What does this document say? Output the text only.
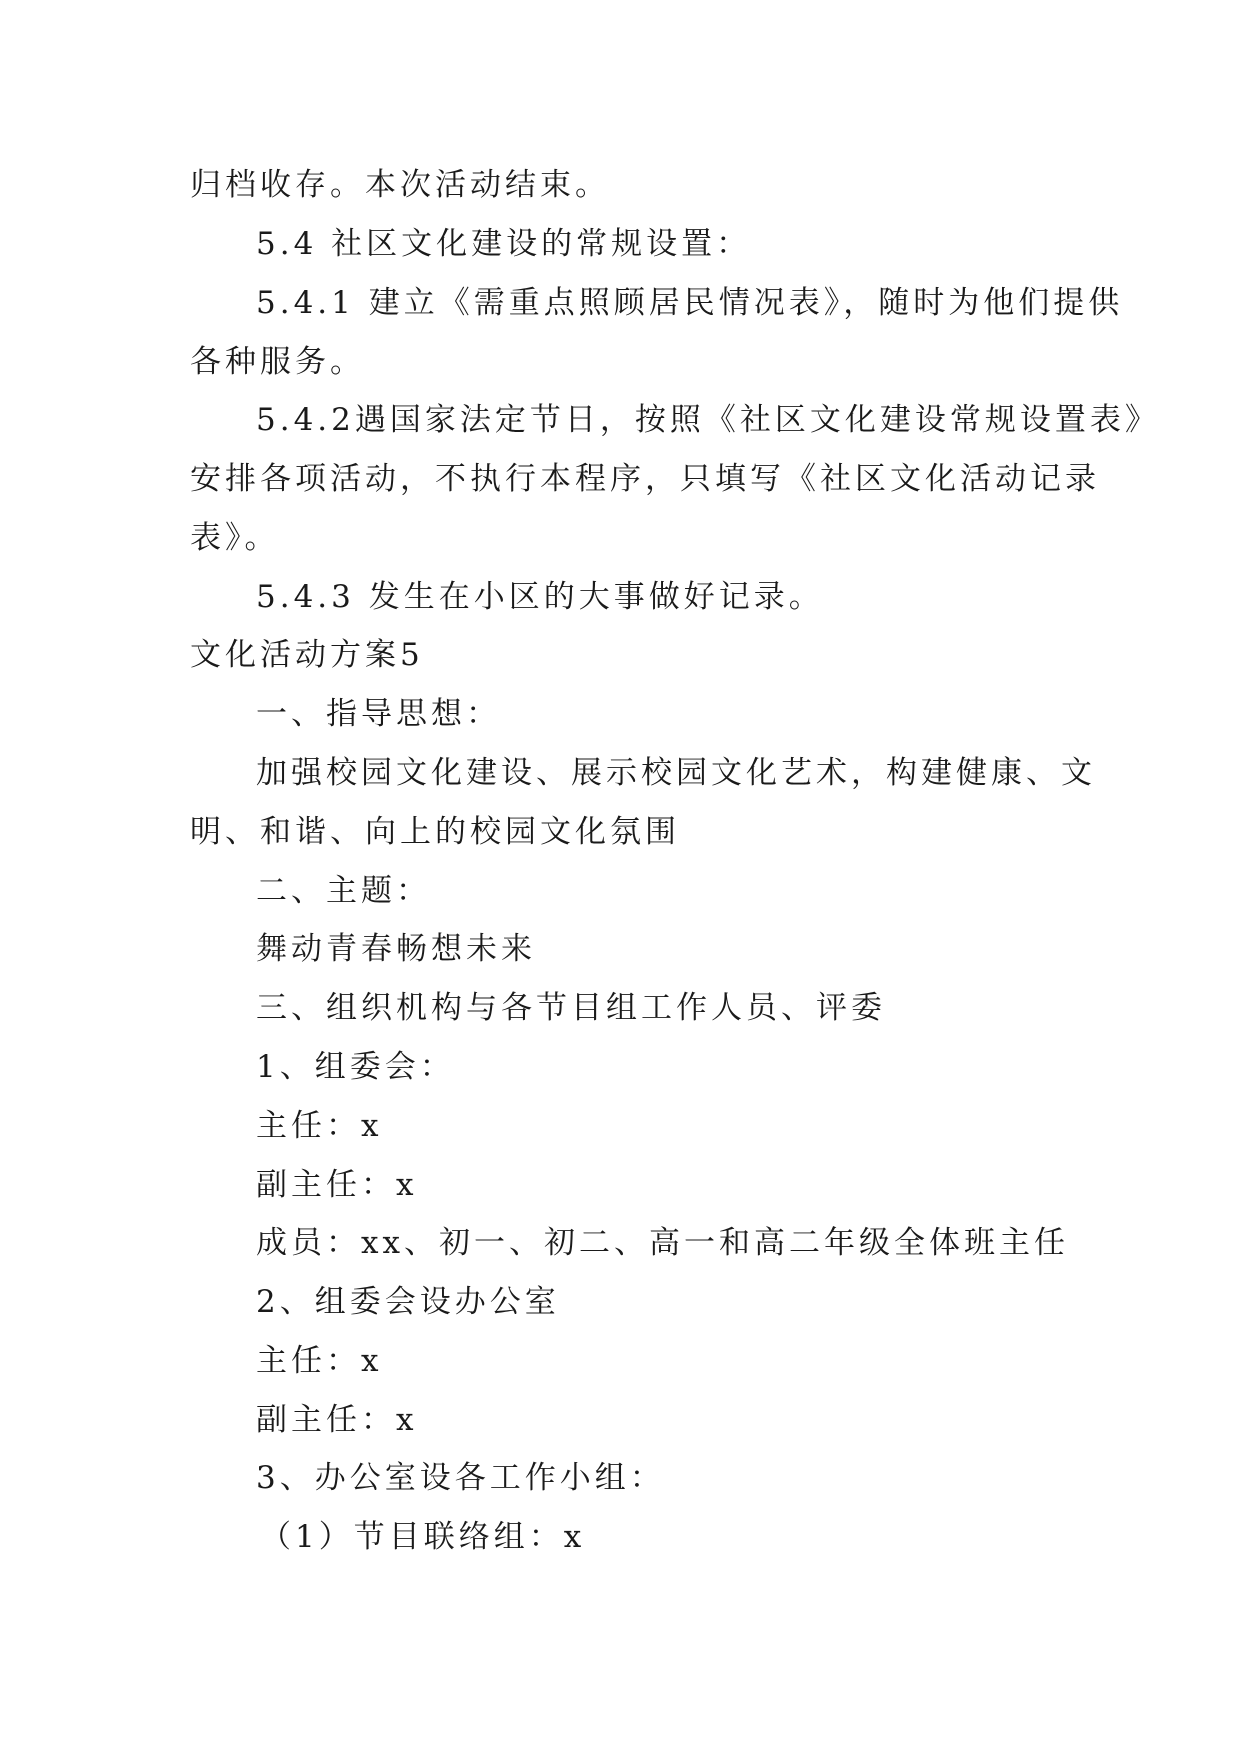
归档收存。本次活动结束。
5.4 社区文化建设的常规设置：
5.4.1 建立《需重点照顾居民情况表》，随时为他们提供
各种服务。
5.4.2遇国家法定节日，按照《社区文化建设常规设置表》
安排各项活动，不执行本程序，只填写《社区文化活动记录
表》。
5.4.3 发生在小区的大事做好记录。
文化活动方案5
一、指导思想：
加强校园文化建设、展示校园文化艺术，构建健康、文
明、和谐、向上的校园文化氛围
二、主题：
舞动青春畅想未来
三、组织机构与各节目组工作人员、评委
1、组委会：
主任：x
副主任：x
成员：xx、初一、初二、高一和高二年级全体班主任
2、组委会设办公室
主任：x
副主任：x
3、办公室设各工作小组：
（1）节目联络组：x
